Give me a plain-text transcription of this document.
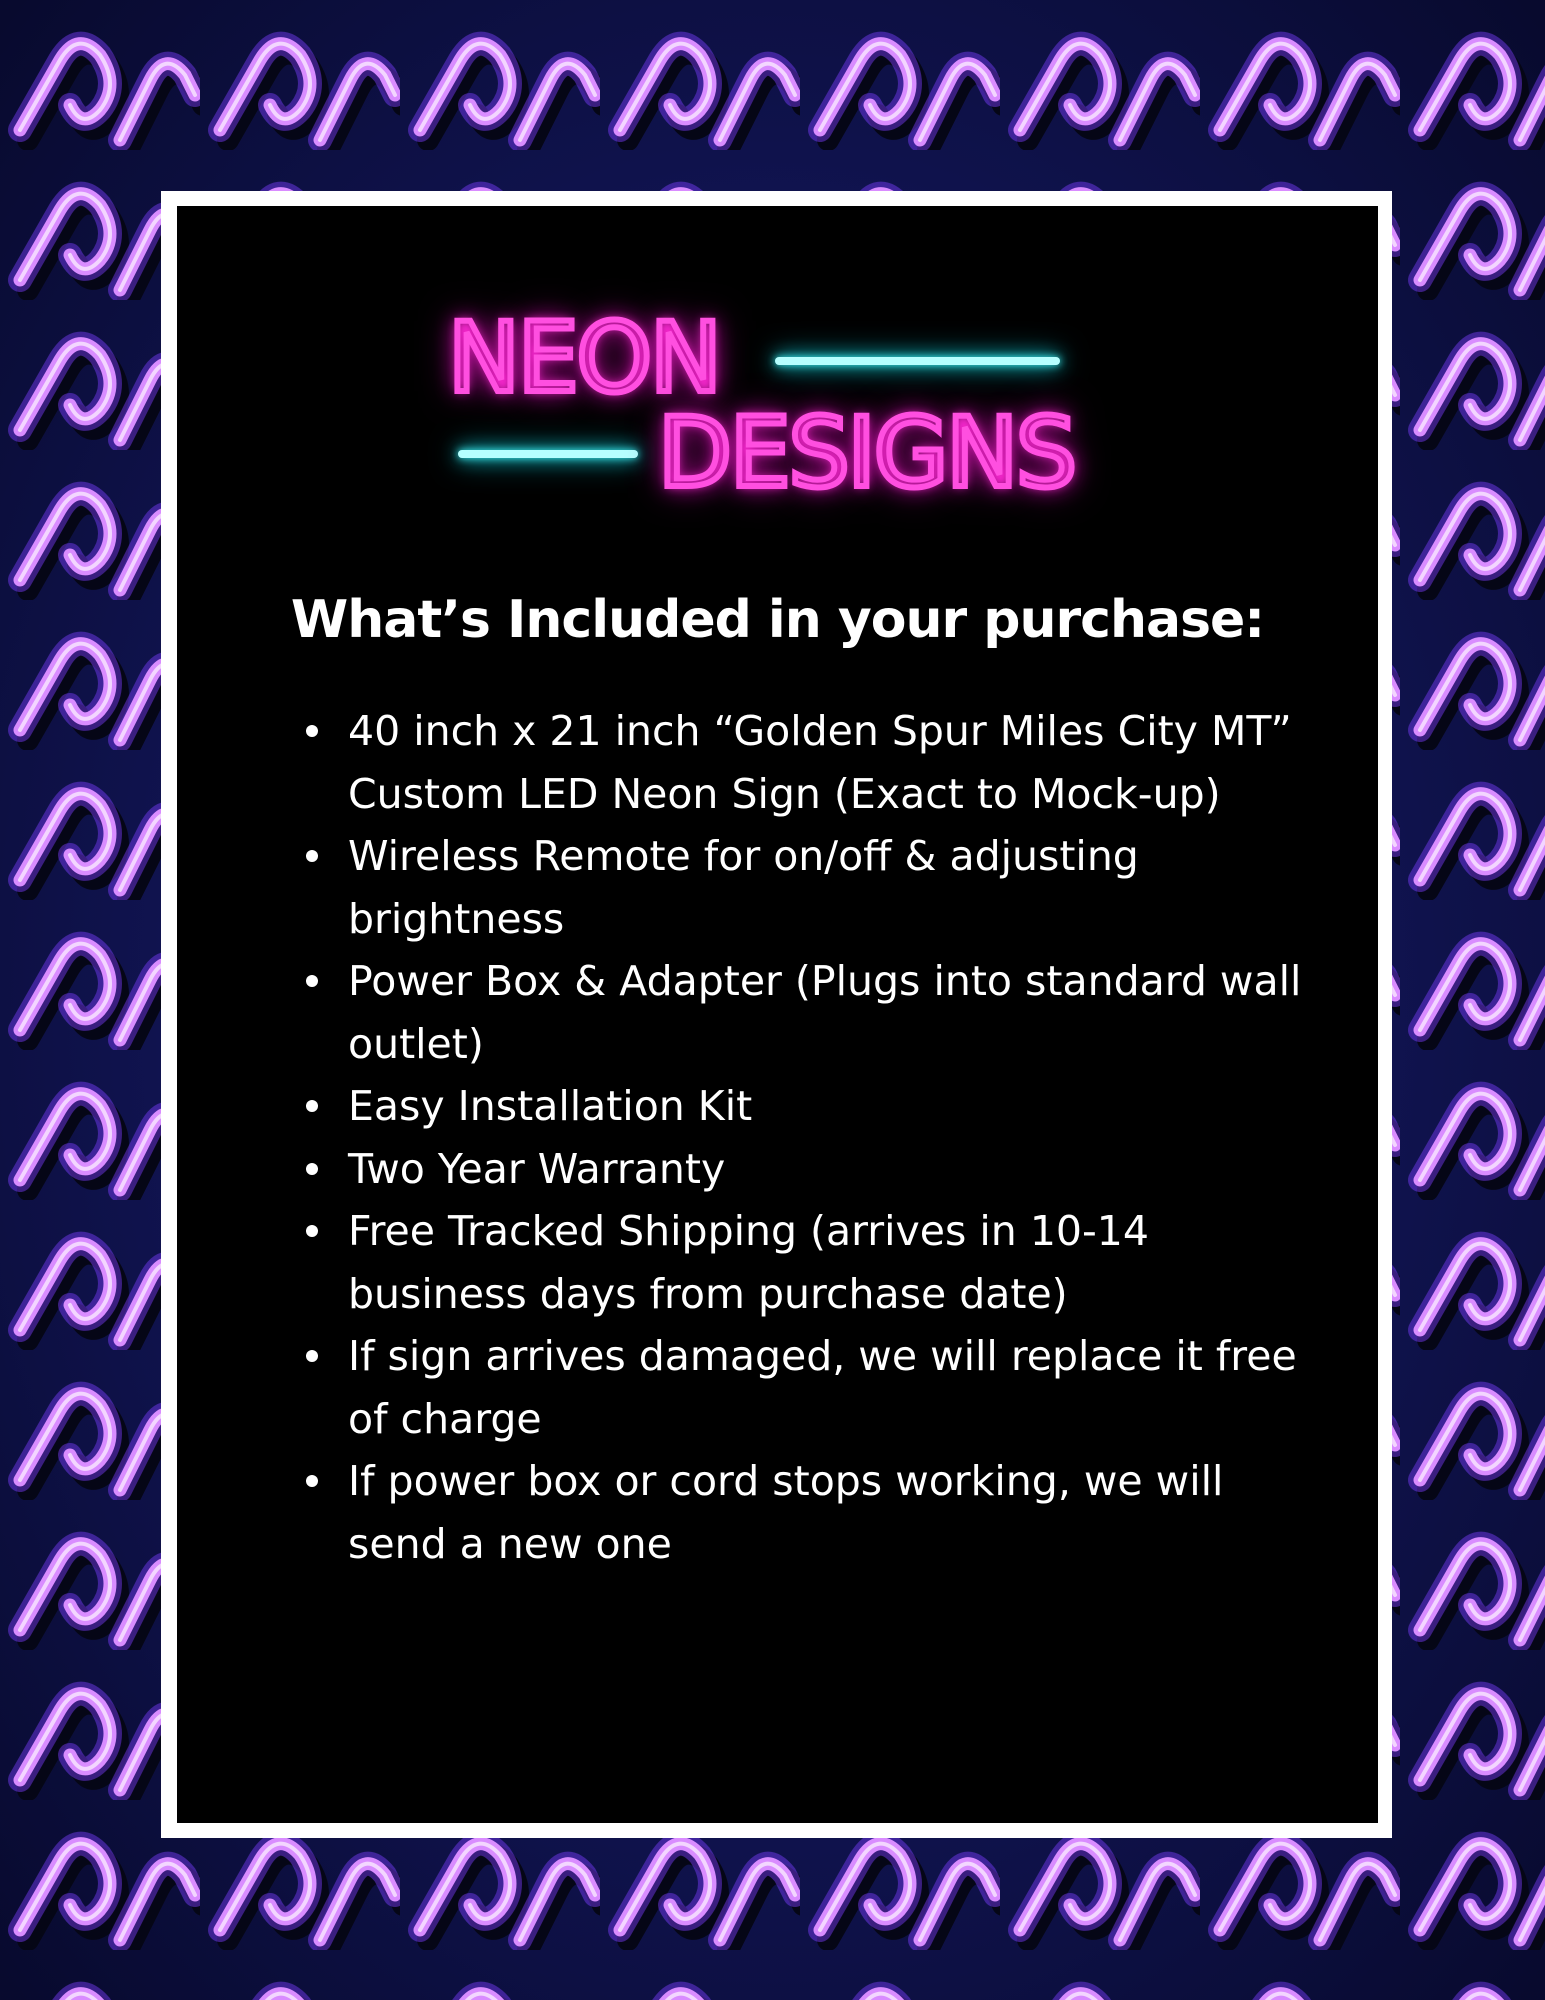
NEON
DESIGNS
What’s Included in your purchase:
40 inch x 21 inch “Golden Spur Miles City MT” Custom LED Neon Sign (Exact to Mock-up)
Wireless Remote for on/off & adjusting brightness
Power Box & Adapter (Plugs into standard wall outlet)
Easy Installation Kit
Two Year Warranty
Free Tracked Shipping (arrives in 10-14 business days from purchase date)
If sign arrives damaged, we will replace it free of charge
If power box or cord stops working, we will send a new one
